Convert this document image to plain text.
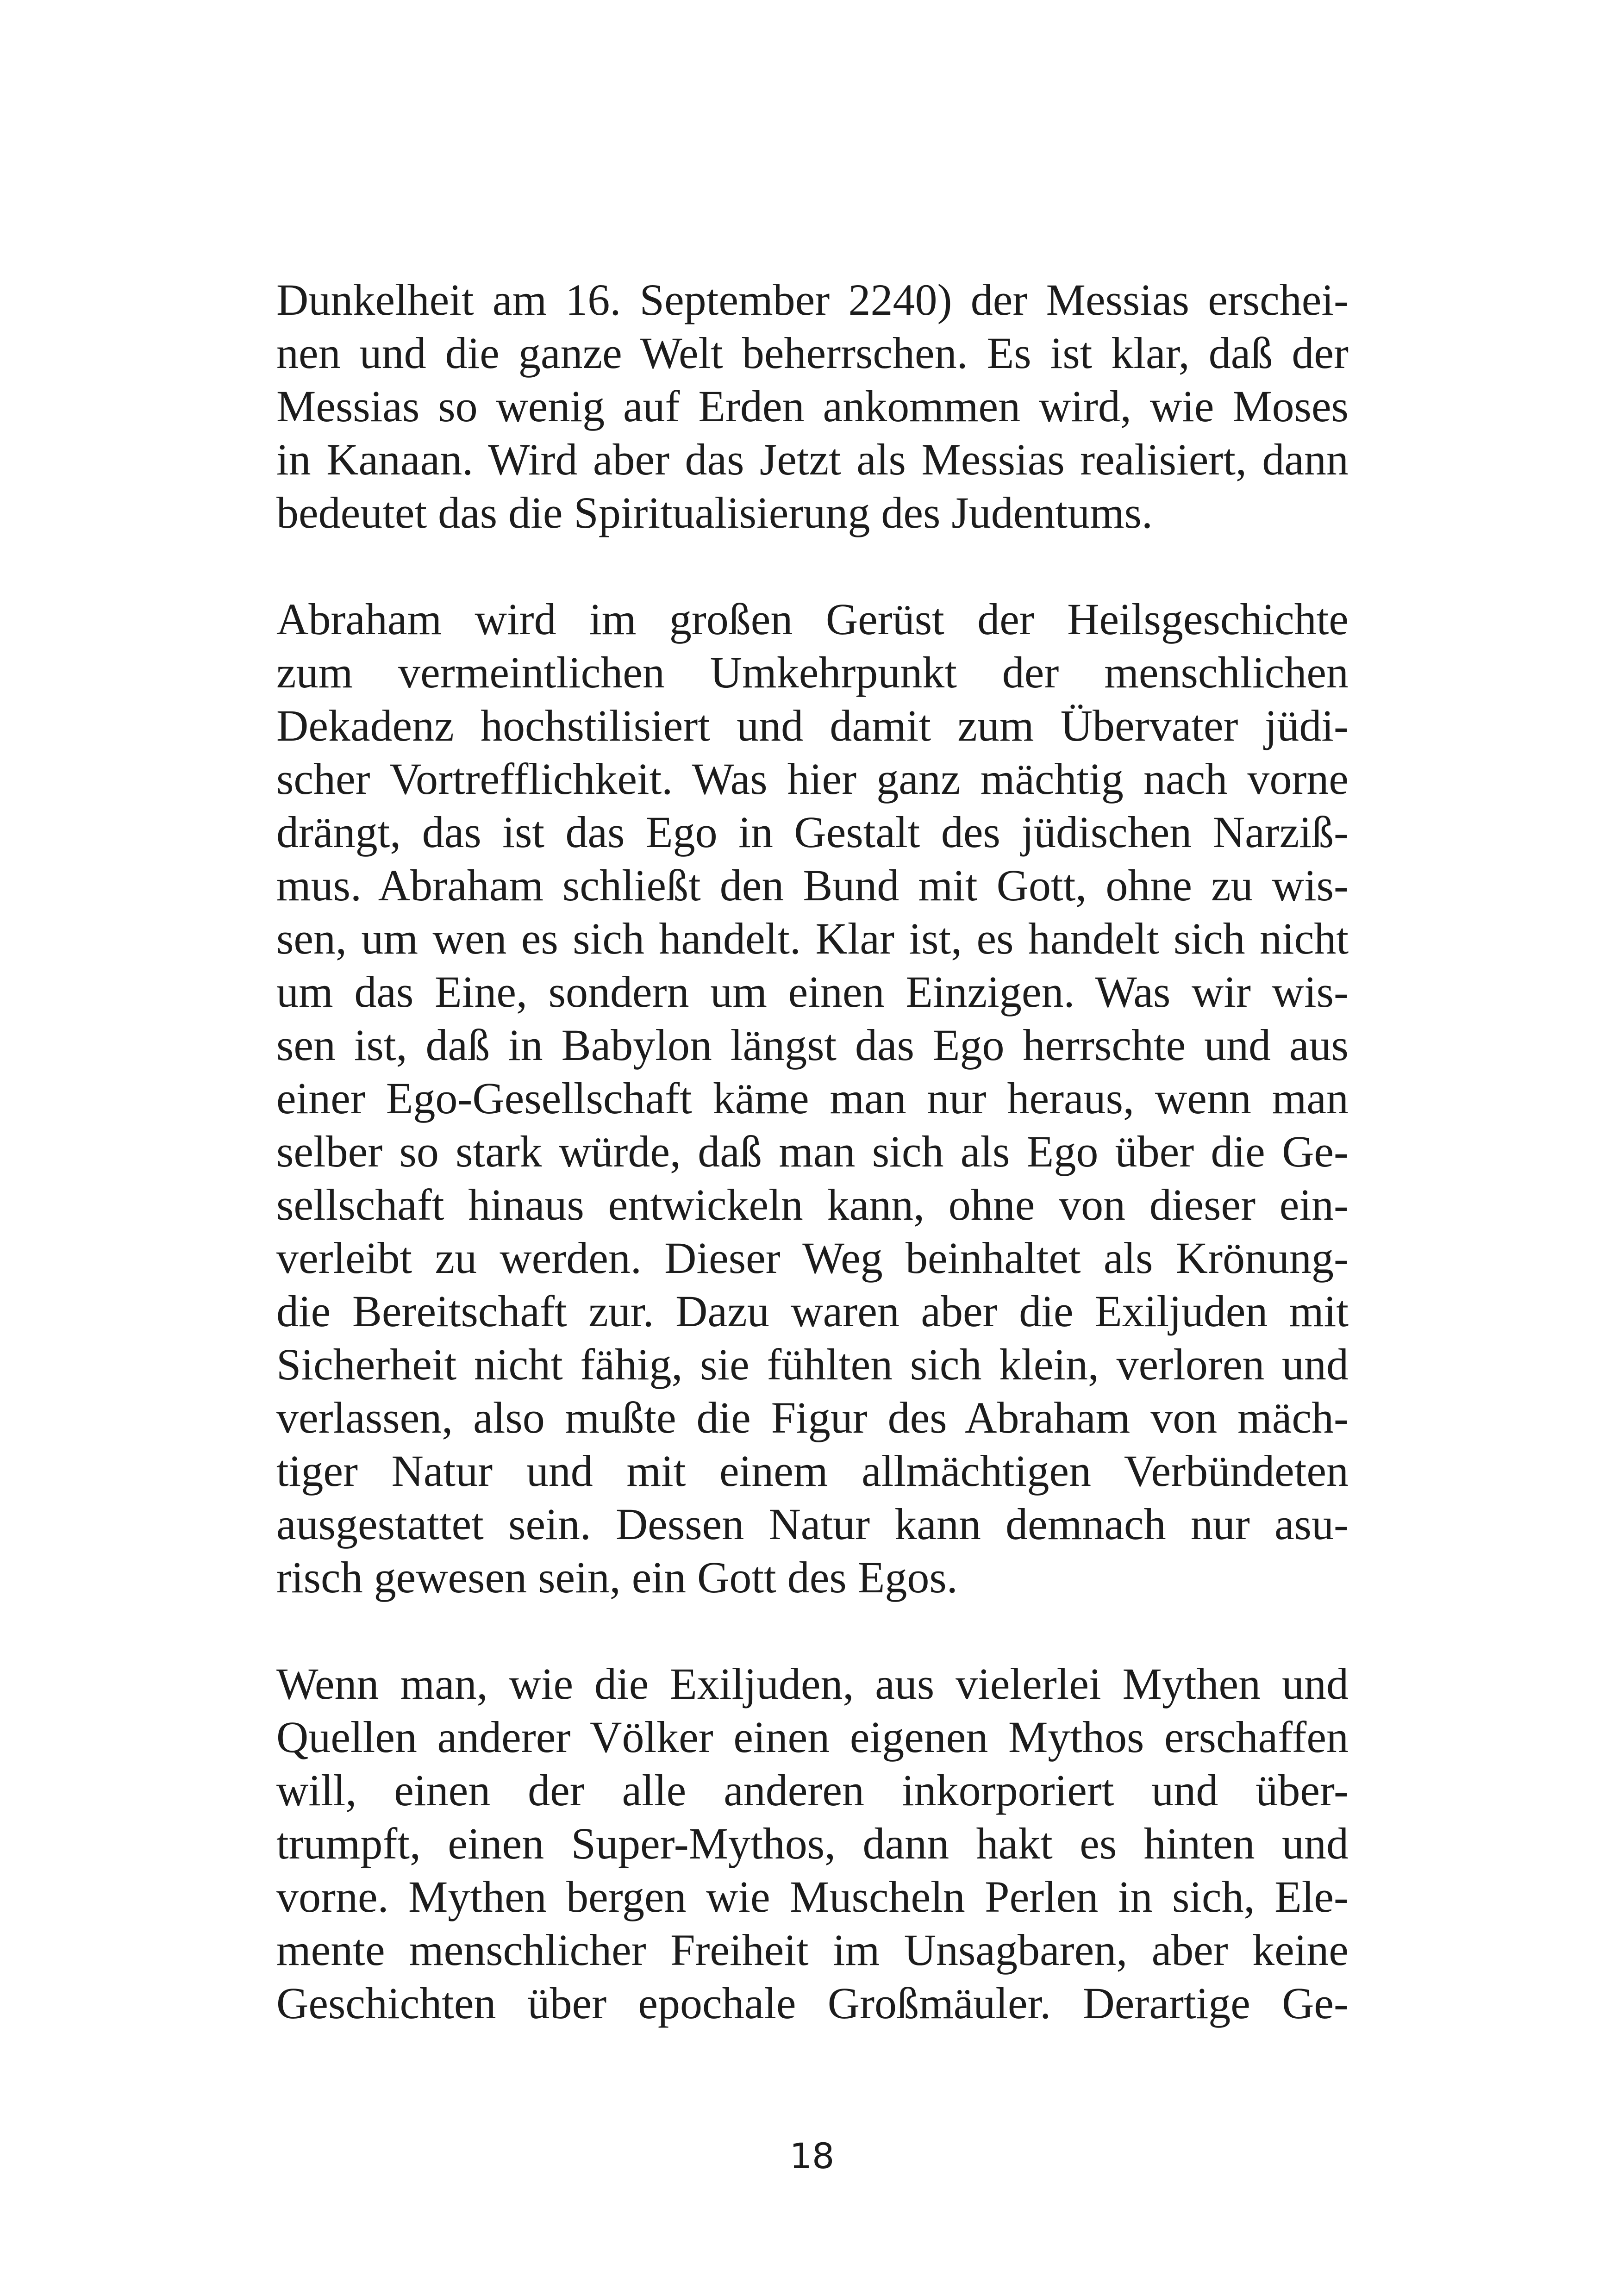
Dunkelheit am 16. September 2240) der Messias erschei-
nen und die ganze Welt beherrschen. Es ist klar, daß der
Messias so wenig auf Erden ankommen wird, wie Moses
in Kanaan. Wird aber das Jetzt als Messias realisiert, dann
bedeutet das die Spiritualisierung des Judentums.

Abraham wird im großen Gerüst der Heilsgeschichte
zum vermeintlichen Umkehrpunkt der menschlichen
Dekadenz hochstilisiert und damit zum Übervater jüdi-
scher Vortrefflichkeit. Was hier ganz mächtig nach vorne
drängt, das ist das Ego in Gestalt des jüdischen Narziß-
mus. Abraham schließt den Bund mit Gott, ohne zu wis-
sen, um wen es sich handelt. Klar ist, es handelt sich nicht
um das Eine, sondern um einen Einzigen. Was wir wis-
sen ist, daß in Babylon längst das Ego herrschte und aus
einer Ego-Gesellschaft käme man nur heraus, wenn man
selber so stark würde, daß man sich als Ego über die Ge-
sellschaft hinaus entwickeln kann, ohne von dieser ein-
verleibt zu werden. Dieser Weg beinhaltet als Krönung-
die Bereitschaft zur. Dazu waren aber die Exiljuden mit
Sicherheit nicht fähig, sie fühlten sich klein, verloren und
verlassen, also mußte die Figur des Abraham von mäch-
tiger Natur und mit einem allmächtigen Verbündeten
ausgestattet sein. Dessen Natur kann demnach nur asu-
risch gewesen sein, ein Gott des Egos.

Wenn man, wie die Exiljuden, aus vielerlei Mythen und
Quellen anderer Völker einen eigenen Mythos erschaffen
will, einen der alle anderen inkorporiert und über-
trumpft, einen Super-Mythos, dann hakt es hinten und
vorne. Mythen bergen wie Muscheln Perlen in sich, Ele-
mente menschlicher Freiheit im Unsagbaren, aber keine
Geschichten über epochale Großmäuler. Derartige Ge-

18
